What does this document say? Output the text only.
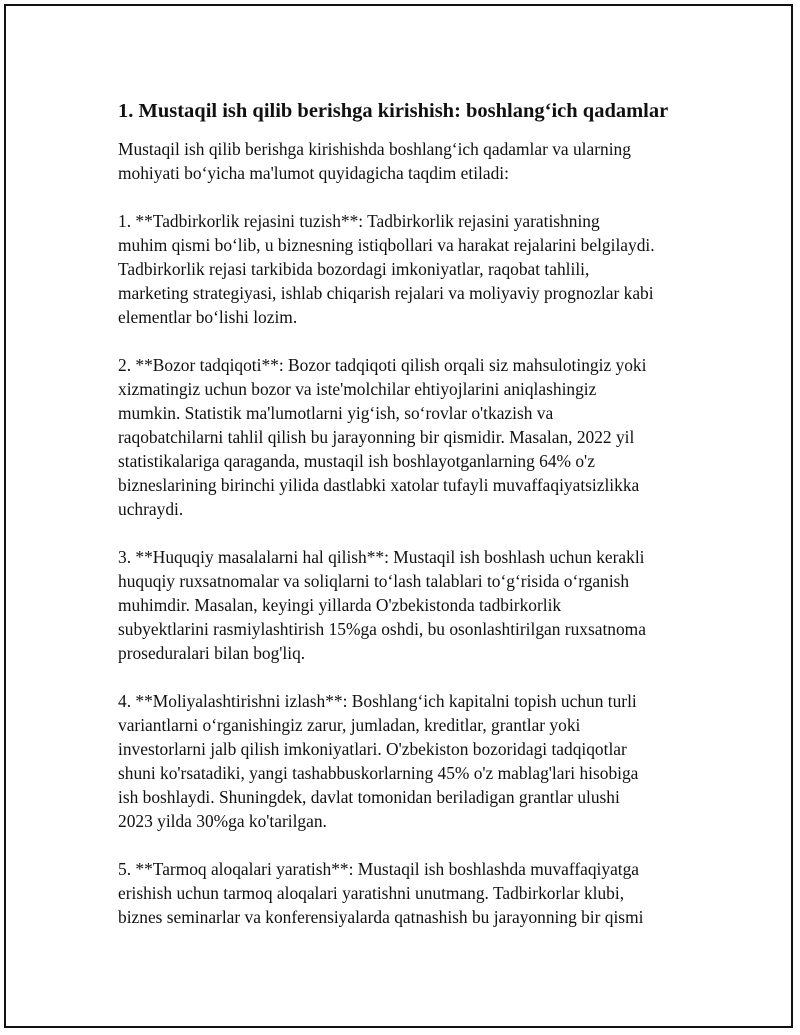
1. Mustaqil ish qilib berishga kirishish: boshlang‘ich qadamlar
Mustaqil ish qilib berishga kirishishda boshlang‘ich qadamlar va ularning
mohiyati bo‘yicha ma'lumot quyidagicha taqdim etiladi:
1. **Tadbirkorlik rejasini tuzish**: Tadbirkorlik rejasini yaratishning
muhim qismi bo‘lib, u biznesning istiqbollari va harakat rejalarini belgilaydi.
Tadbirkorlik rejasi tarkibida bozordagi imkoniyatlar, raqobat tahlili,
marketing strategiyasi, ishlab chiqarish rejalari va moliyaviy prognozlar kabi
elementlar bo‘lishi lozim.
2. **Bozor tadqiqoti**: Bozor tadqiqoti qilish orqali siz mahsulotingiz yoki
xizmatingiz uchun bozor va iste'molchilar ehtiyojlarini aniqlashingiz
mumkin. Statistik ma'lumotlarni yig‘ish, so‘rovlar o'tkazish va
raqobatchilarni tahlil qilish bu jarayonning bir qismidir. Masalan, 2022 yil
statistikalariga qaraganda, mustaqil ish boshlayotganlarning 64% o'z
bizneslarining birinchi yilida dastlabki xatolar tufayli muvaffaqiyatsizlikka
uchraydi.
3. **Huquqiy masalalarni hal qilish**: Mustaqil ish boshlash uchun kerakli
huquqiy ruxsatnomalar va soliqlarni to‘lash talablari to‘g‘risida o‘rganish
muhimdir. Masalan, keyingi yillarda O'zbekistonda tadbirkorlik
subyektlarini rasmiylashtirish 15%ga oshdi, bu osonlashtirilgan ruxsatnoma
proseduralari bilan bog'liq.
4. **Moliyalashtirishni izlash**: Boshlang‘ich kapitalni topish uchun turli
variantlarni o‘rganishingiz zarur, jumladan, kreditlar, grantlar yoki
investorlarni jalb qilish imkoniyatlari. O'zbekiston bozoridagi tadqiqotlar
shuni ko'rsatadiki, yangi tashabbuskorlarning 45% o'z mablag'lari hisobiga
ish boshlaydi. Shuningdek, davlat tomonidan beriladigan grantlar ulushi
2023 yilda 30%ga ko'tarilgan.
5. **Tarmoq aloqalari yaratish**: Mustaqil ish boshlashda muvaffaqiyatga
erishish uchun tarmoq aloqalari yaratishni unutmang. Tadbirkorlar klubi,
biznes seminarlar va konferensiyalarda qatnashish bu jarayonning bir qismi
